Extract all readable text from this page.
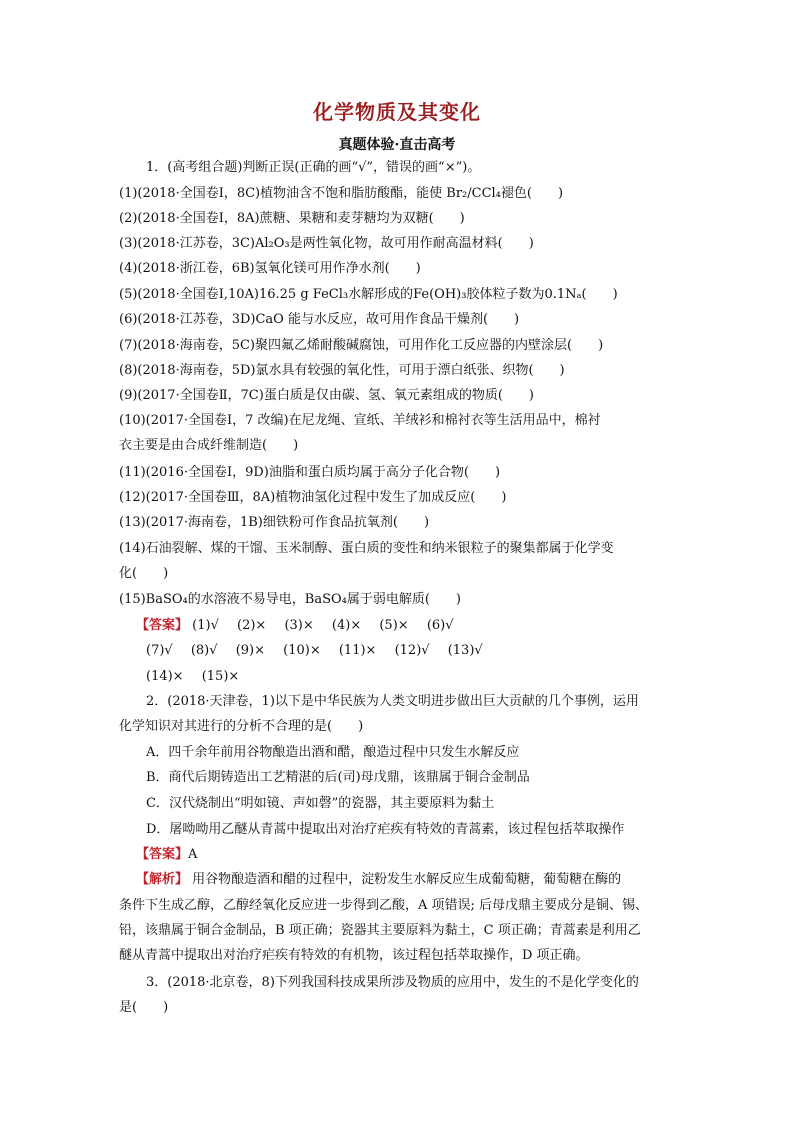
化学物质及其变化
真题体验·直击高考
1．(高考组合题)判断正误(正确的画“√”，错误的画“×”)。
(1)(2018·全国卷Ⅰ，8C)植物油含不饱和脂肪酸酯，能使 Br₂/CCl₄褪色(　　)
(2)(2018·全国卷Ⅰ，8A)蔗糖、果糖和麦芽糖均为双糖(　　)
(3)(2018·江苏卷，3C)Al₂O₃是两性氧化物，故可用作耐高温材料(　　)
(4)(2018·浙江卷，6B)氢氧化镁可用作净水剂(　　)
(5)(2018·全国卷Ⅰ,10A)16.25 g FeCl₃水解形成的Fe(OH)₃胶体粒子数为0.1Nₐ(　　)
(6)(2018·江苏卷，3D)CaO 能与水反应，故可用作食品干燥剂(　　)
(7)(2018·海南卷，5C)聚四氟乙烯耐酸碱腐蚀，可用作化工反应器的内壁涂层(　　)
(8)(2018·海南卷，5D)氯水具有较强的氧化性，可用于漂白纸张、织物(　　)
(9)(2017·全国卷Ⅱ，7C)蛋白质是仅由碳、氢、氧元素组成的物质(　　)
(10)(2017·全国卷Ⅰ，7 改编)在尼龙绳、宣纸、羊绒衫和棉衬衣等生活用品中，棉衬
衣主要是由合成纤维制造(　　)
(11)(2016·全国卷Ⅰ，9D)油脂和蛋白质均属于高分子化合物(　　)
(12)(2017·全国卷Ⅲ，8A)植物油氢化过程中发生了加成反应(　　)
(13)(2017·海南卷，1B)细铁粉可作食品抗氧剂(　　)
(14)石油裂解、煤的干馏、玉米制醇、蛋白质的变性和纳米银粒子的聚集都属于化学变
化(　　)
(15)BaSO₄的水溶液不易导电，BaSO₄属于弱电解质(　　)
【答案】 (1)√ (2)× (3)× (4)× (5)× (6)√
(7)√ (8)√ (9)× (10)× (11)× (12)√ (13)√
(14)× (15)×
2．(2018·天津卷，1)以下是中华民族为人类文明进步做出巨大贡献的几个事例，运用
化学知识对其进行的分析不合理的是(　　)
A．四千余年前用谷物酿造出酒和醋，酿造过程中只发生水解反应
B．商代后期铸造出工艺精湛的后(司)母戊鼎，该鼎属于铜合金制品
C．汉代烧制出“明如镜、声如磬”的瓷器，其主要原料为黏土
D．屠呦呦用乙醚从青蒿中提取出对治疗疟疾有特效的青蒿素，该过程包括萃取操作
【答案】A
【解析】 用谷物酿造酒和醋的过程中，淀粉发生水解反应生成葡萄糖，葡萄糖在酶的
条件下生成乙醇，乙醇经氧化反应进一步得到乙酸，A 项错误; 后母戊鼎主要成分是铜、锡、
铅，该鼎属于铜合金制品，B 项正确；瓷器其主要原料为黏土，C 项正确；青蒿素是利用乙
醚从青蒿中提取出对治疗疟疾有特效的有机物，该过程包括萃取操作，D 项正确。
3．(2018·北京卷，8)下列我国科技成果所涉及物质的应用中，发生的不是化学变化的
是(　　)
